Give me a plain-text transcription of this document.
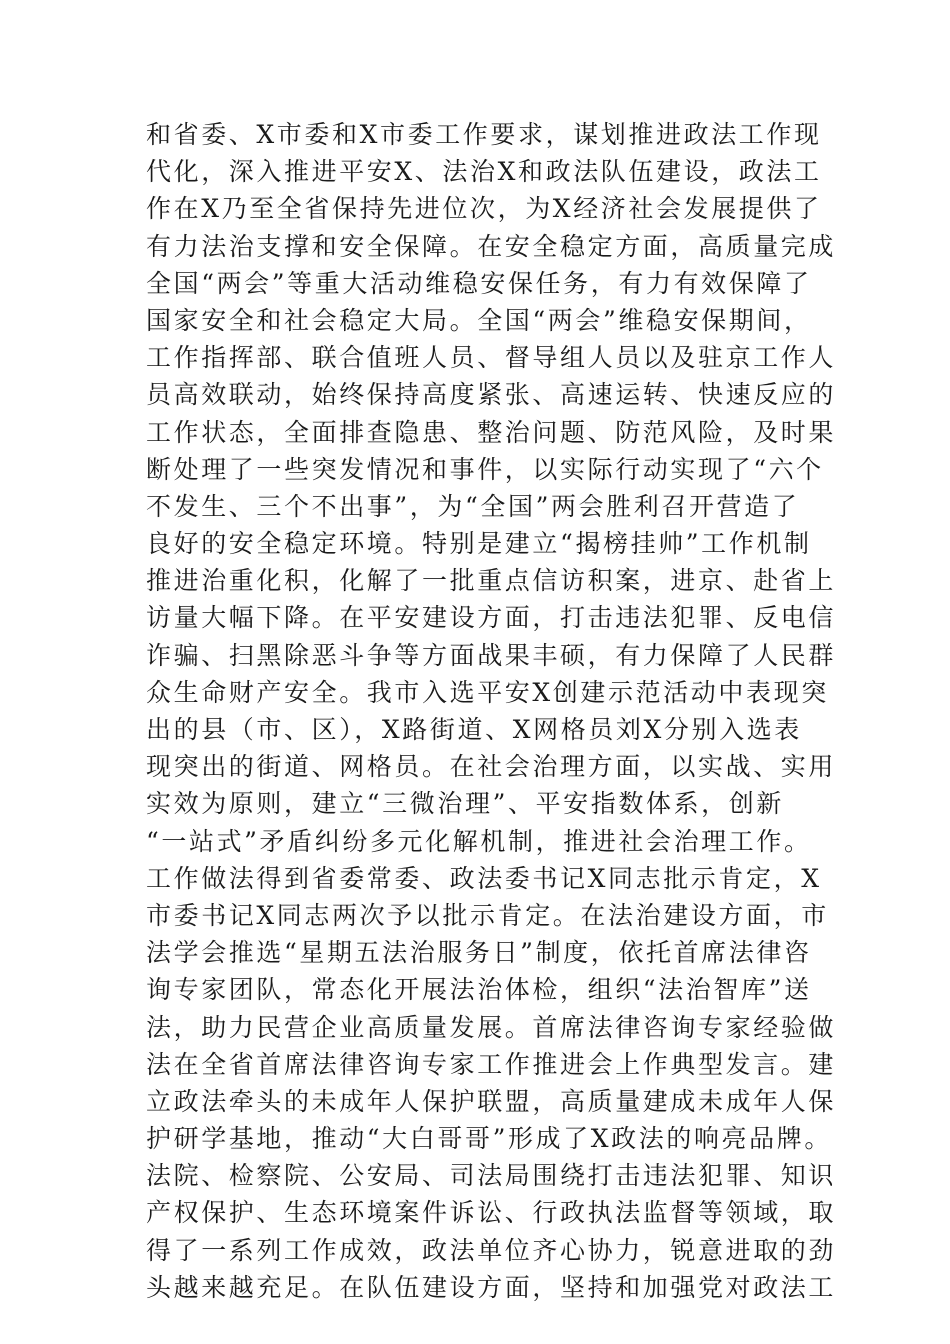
和省委、X市委和X市委工作要求，谋划推进政法工作现
代化，深入推进平安X、法治X和政法队伍建设，政法工
作在X乃至全省保持先进位次，为X经济社会发展提供了
有力法治支撑和安全保障。在安全稳定方面，高质量完成
全国“两会”等重大活动维稳安保任务，有力有效保障了
国家安全和社会稳定大局。全国“两会”维稳安保期间，
工作指挥部、联合值班人员、督导组人员以及驻京工作人
员高效联动，始终保持高度紧张、高速运转、快速反应的
工作状态，全面排查隐患、整治问题、防范风险，及时果
断处理了一些突发情况和事件，以实际行动实现了“六个
不发生、三个不出事”，为“全国”两会胜利召开营造了
良好的安全稳定环境。特别是建立“揭榜挂帅”工作机制
推进治重化积，化解了一批重点信访积案，进京、赴省上
访量大幅下降。在平安建设方面，打击违法犯罪、反电信
诈骗、扫黑除恶斗争等方面战果丰硕，有力保障了人民群
众生命财产安全。我市入选平安X创建示范活动中表现突
出的县（市、区），X路街道、X网格员刘X分别入选表
现突出的街道、网格员。在社会治理方面，以实战、实用
实效为原则，建立“三微治理”、平安指数体系，创新
“一站式”矛盾纠纷多元化解机制，推进社会治理工作。
工作做法得到省委常委、政法委书记X同志批示肯定，X
市委书记X同志两次予以批示肯定。在法治建设方面，市
法学会推选“星期五法治服务日”制度，依托首席法律咨
询专家团队，常态化开展法治体检，组织“法治智库”送
法，助力民营企业高质量发展。首席法律咨询专家经验做
法在全省首席法律咨询专家工作推进会上作典型发言。建
立政法牵头的未成年人保护联盟，高质量建成未成年人保
护研学基地，推动“大白哥哥”形成了X政法的响亮品牌。
法院、检察院、公安局、司法局围绕打击违法犯罪、知识
产权保护、生态环境案件诉讼、行政执法监督等领域，取
得了一系列工作成效，政法单位齐心协力，锐意进取的劲
头越来越充足。在队伍建设方面，坚持和加强党对政法工
